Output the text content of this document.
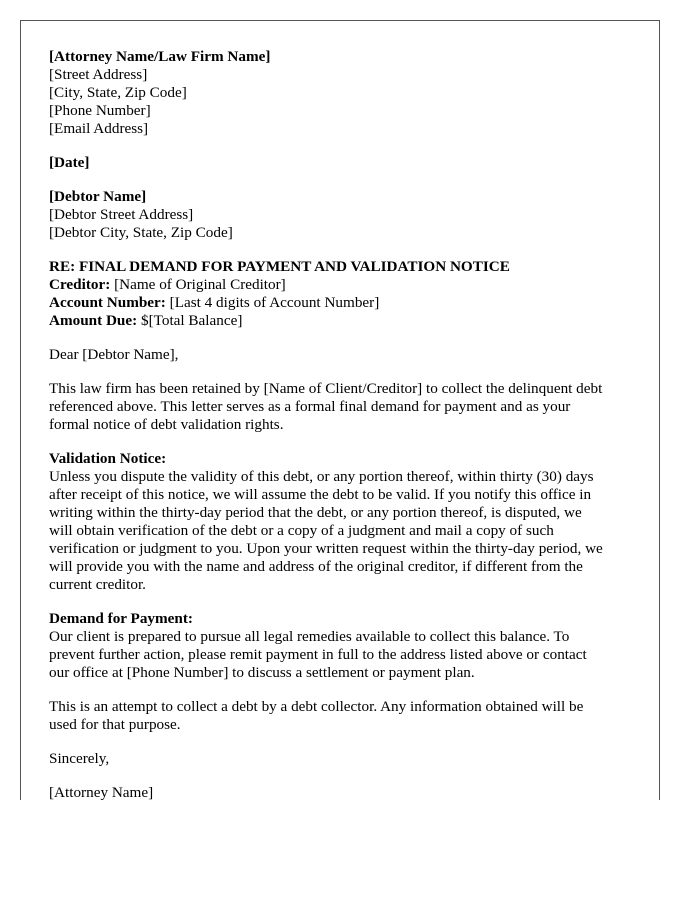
[Attorney Name/Law Firm Name]
[Street Address]
[City, State, Zip Code]
[Phone Number]
[Email Address]
[Date]
[Debtor Name]
[Debtor Street Address]
[Debtor City, State, Zip Code]
RE: FINAL DEMAND FOR PAYMENT AND VALIDATION NOTICE
Creditor: [Name of Original Creditor]
Account Number: [Last 4 digits of Account Number]
Amount Due: $[Total Balance]

Dear [Debtor Name],

This law firm has been retained by [Name of Client/Creditor] to collect the delinquent debt
referenced above. This letter serves as a formal final demand for payment and as your
formal notice of debt validation rights.

Validation Notice:
Unless you dispute the validity of this debt, or any portion thereof, within thirty (30) days
after receipt of this notice, we will assume the debt to be valid. If you notify this office in
writing within the thirty-day period that the debt, or any portion thereof, is disputed, we
will obtain verification of the debt or a copy of a judgment and mail a copy of such
verification or judgment to you. Upon your written request within the thirty-day period, we
will provide you with the name and address of the original creditor, if different from the
current creditor.

Demand for Payment:
Our client is prepared to pursue all legal remedies available to collect this balance. To
prevent further action, please remit payment in full to the address listed above or contact
our office at [Phone Number] to discuss a settlement or payment plan.

This is an attempt to collect a debt by a debt collector. Any information obtained will be
used for that purpose.

Sincerely,

[Attorney Name]
